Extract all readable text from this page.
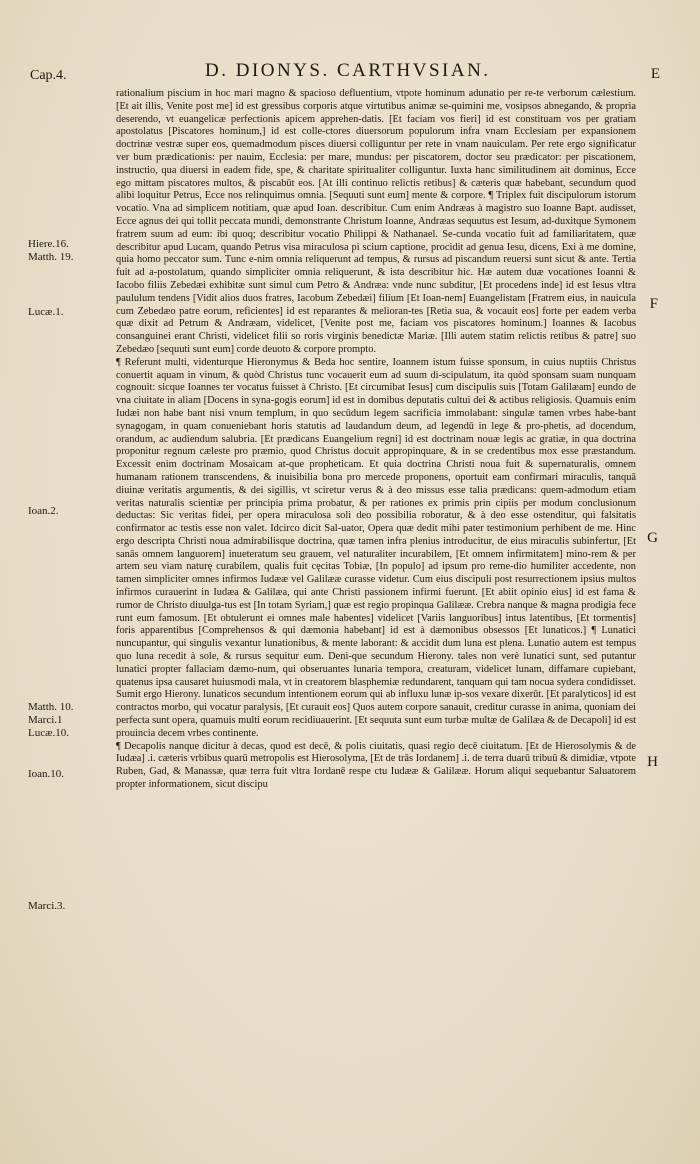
Cap.4.	D. DIONYS. CARTHVSIAN.	E
Hiere.16.
Matth. 19.
Lucæ.1.
Ioan.2.
Matth. 10.
Marci.1
Lucæ.10.
Ioan.10.
Marci.3.
F
G
H

rationalium piscium in hoc mari magno & spacioso defluentium, vtpote hominum adunatio per re-te verborum cælestium. [Et ait illis, Venite post me] id est gressibus corporis atque virtutibus animæ se-quimini me, vosipsos abnegando, & propria deserendo, vt euangelicæ perfectionis apicem apprehen-datis. [Et faciam vos fieri] id est constituam vos per gratiam apostolatus [Piscatores hominum,] id est colle-ctores diuersorum populorum infra vnam Ecclesiam per expansionem doctrinæ vestræ super eos, quemadmodum pisces diuersi colliguntur per rete in vnam nauiculam. Per rete ergo significatur ver bum prædicationis: per nauim, Ecclesia: per mare, mundus: per piscatorem, doctor seu prædicator: per piscationem, instructio, qua diuersi in eadem fide, spe, & charitate spiritualiter colliguntur. Iuxta hanc similitudinem ait dominus, Ecce ego mittam piscatores multos, & piscabūt eos. [At illi continuo relictis retibus] & cæteris quæ habebant, secundum quod alibi loquitur Petrus, Ecce nos relinquimus omnia. [Sequuti sunt eum] mente & corpore. ¶ Triplex fuit discipulorum istorum vocatio. Vna ad simplicem notitiam, quæ apud Ioan. describitur. Cum enim Andræas à magistro suo Ioanne Bapt. audisset, Ecce agnus dei qui tollit peccata mundi, demonstrante Christum Ioanne, Andræas sequutus est Iesum, ad-duxitque Symonem fratrem suum ad eum: ibi quoq; describitur vocatio Philippi & Nathanael. Se-cunda vocatio fuit ad familiaritatem, quæ describitur apud Lucam, quando Petrus visa miraculosa pi scium captione, procidit ad genua Iesu, dicens, Exi à me domine, quia homo peccator sum. Tunc e-nim omnia reliquerunt ad tempus, & rursus ad piscandum reuersi sunt sicut & ante. Tertia fuit ad a-postolatum, quando simpliciter omnia reliquerunt, & ista describitur hic. Hæ autem duæ vocationes Ioanni & Iacobo filiis Zebedæi exhibitæ sunt simul cum Petro & Andræa: vnde nunc subditur, [Et procedens inde] id est Iesus vltra paululum tendens [Vidit alios duos fratres, Iacobum Zebedæi] filium [Et Ioan-nem] Euangelistam [Fratrem eius, in nauicula cum Zebedæo patre eorum, reficientes] id est reparantes & melioran-tes [Retia sua, & vocauit eos] forte per eadem verba quæ dixit ad Petrum & Andræam, videlicet, [Venite post me, faciam vos piscatores hominum.] Ioannes & Iacobus consanguinei erant Christi, videlicet filii so roris virginis benedictæ Mariæ. [Illi autem statim relictis retibus & patre] suo Zebedæo [sequuti sunt eum] corde deuoto & corpore prompto.

¶ Referunt multi, videnturque Hieronymus & Beda hoc sentire, Ioannem istum fuisse sponsum, in cuius nuptiis Christus conuertit aquam in vinum, & quòd Christus tunc vocauerit eum ad suum di-scipulatum, ita quòd sponsam suam nunquam cognouit: sicque Ioannes ter vocatus fuisset à Christo. [Et circumibat Iesus] cum discipulis suis [Totam Galilæam] eundo de vna ciuitate in aliam [Docens in syna-gogis eorum] id est in domibus deputatis cultui dei & actibus religiosis. Quamuis enim Iudæi non habe bant nisi vnum templum, in quo secūdum legem sacrificia immolabant: singulæ tamen vrbes habe-bant synagogam, in quam conueniebant horis statutis ad laudandum deum, ad legendū in lege & pro-phetis, ad docendum, orandum, ac audiendum salubria. [Et prædicans Euangelium regni] id est doctrinam nouæ legis ac gratiæ, in qua doctrina proponitur regnum cæleste pro præmio, quod Christus docuit appropinquare, & in se credentibus mox esse præstandum. Excessit enim doctrinam Mosaicam at-que propheticam. Et quia doctrina Christi noua fuit & supernaturalis, omnem humanam rationem transcendens, & inuisibilia bona pro mercede proponens, oportuit eam confirmari miraculis, tanquā diuinæ veritatis argumentis, & dei sigillis, vt sciretur verus & à deo missus esse talia prædicans: quem-admodum etiam veritas naturalis scientiæ per principia prima probatur, & per rationes ex primis prin cipiis per modum conclusionum deductas: Sic veritas fidei, per opera miraculosa soli deo possibilia roboratur, & à deo esse ostenditur, qui falsitatis confirmator ac testis esse non valet. Idcirco dicit Sal-uator, Opera quæ dedit mihi pater testimonium perhibent de me. Hinc ergo descripta Christi noua admirabilisque doctrina, quæ tamen infra plenius introducitur, de eius miraculis subinfertur, [Et sanās omnem languorem] inueteratum seu grauem, vel naturaliter incurabilem, [Et omnem infirmitatem] mino-rem & per artem seu viam naturę curabilem, qualis fuit cęcitas Tobiæ, [In populo] ad ipsum pro reme-dio humiliter accedente, non tamen simpliciter omnes infirmos Iudææ vel Galilææ curasse videtur. Cum eius discipuli post resurrectionem ipsius multos infirmos curauerint in Iudæa & Galilæa, qui ante Christi passionem infirmi fuerunt. [Et abiit opinio eius] id est fama & rumor de Christo diuulga-tus est [In totam Syriam,] quæ est regio propinqua Galilææ. Crebra nanque & magna prodigia fece runt eum famosum. [Et obtulerunt ei omnes male habentes] videlicet [Variis languoribus] intus latentibus, [Et tormentis] foris apparentibus [Comprehensos & qui dæmonia habebant] id est à dæmonibus obsessos [Et lunaticos.] ¶ Lunatici nuncupantur, qui singulis vexantur lunationibus, & mente laborant: & accidit dum luna est plena. Lunatio autem est tempus quo luna recedit à sole, & rursus sequitur eum. Deni-que secundum Hierony. tales non verè lunatici sunt, sed putantur lunatici propter fallaciam dæmo-num, qui obseruantes lunaria tempora, creaturam, videlicet lunam, diffamare cupiebant, quatenus ipsa causaret huiusmodi mala, vt in creatorem blasphemiæ redundarent, tanquam qui tam nocua sydera condidisset. Sumit ergo Hierony. lunaticos secundum intentionem eorum qui ab influxu lunæ ip-sos vexare dixerūt. [Et paralyticos] id est contractos morbo, qui vocatur paralysis, [Et curauit eos] Quos autem corpore sanauit, creditur curasse in anima, quoniam dei perfecta sunt opera, quamuis multi eorum recidiuauerint. [Et sequuta sunt eum turbæ multæ de Galilæa & de Decapoli] id est prouincia decem vrbes continente.

¶ Decapolis nanque dicitur à decas, quod est decē, & polis ciuitatis, quasi regio decē ciuitatum. [Et de Hierosolymis & de Iudæa] .i. cæteris vrbibus quarū metropolis est Hierosolyma, [Et de trās Iordanem] .i. de terra duarū tribuū & dimidiæ, vtpote Ruben, Gad, & Manassæ, quæ terra fuit vltra Iordanē respe ctu Iudææ & Galilææ. Horum aliqui sequebantur Saluatorem propter informationem, sicut discipu
